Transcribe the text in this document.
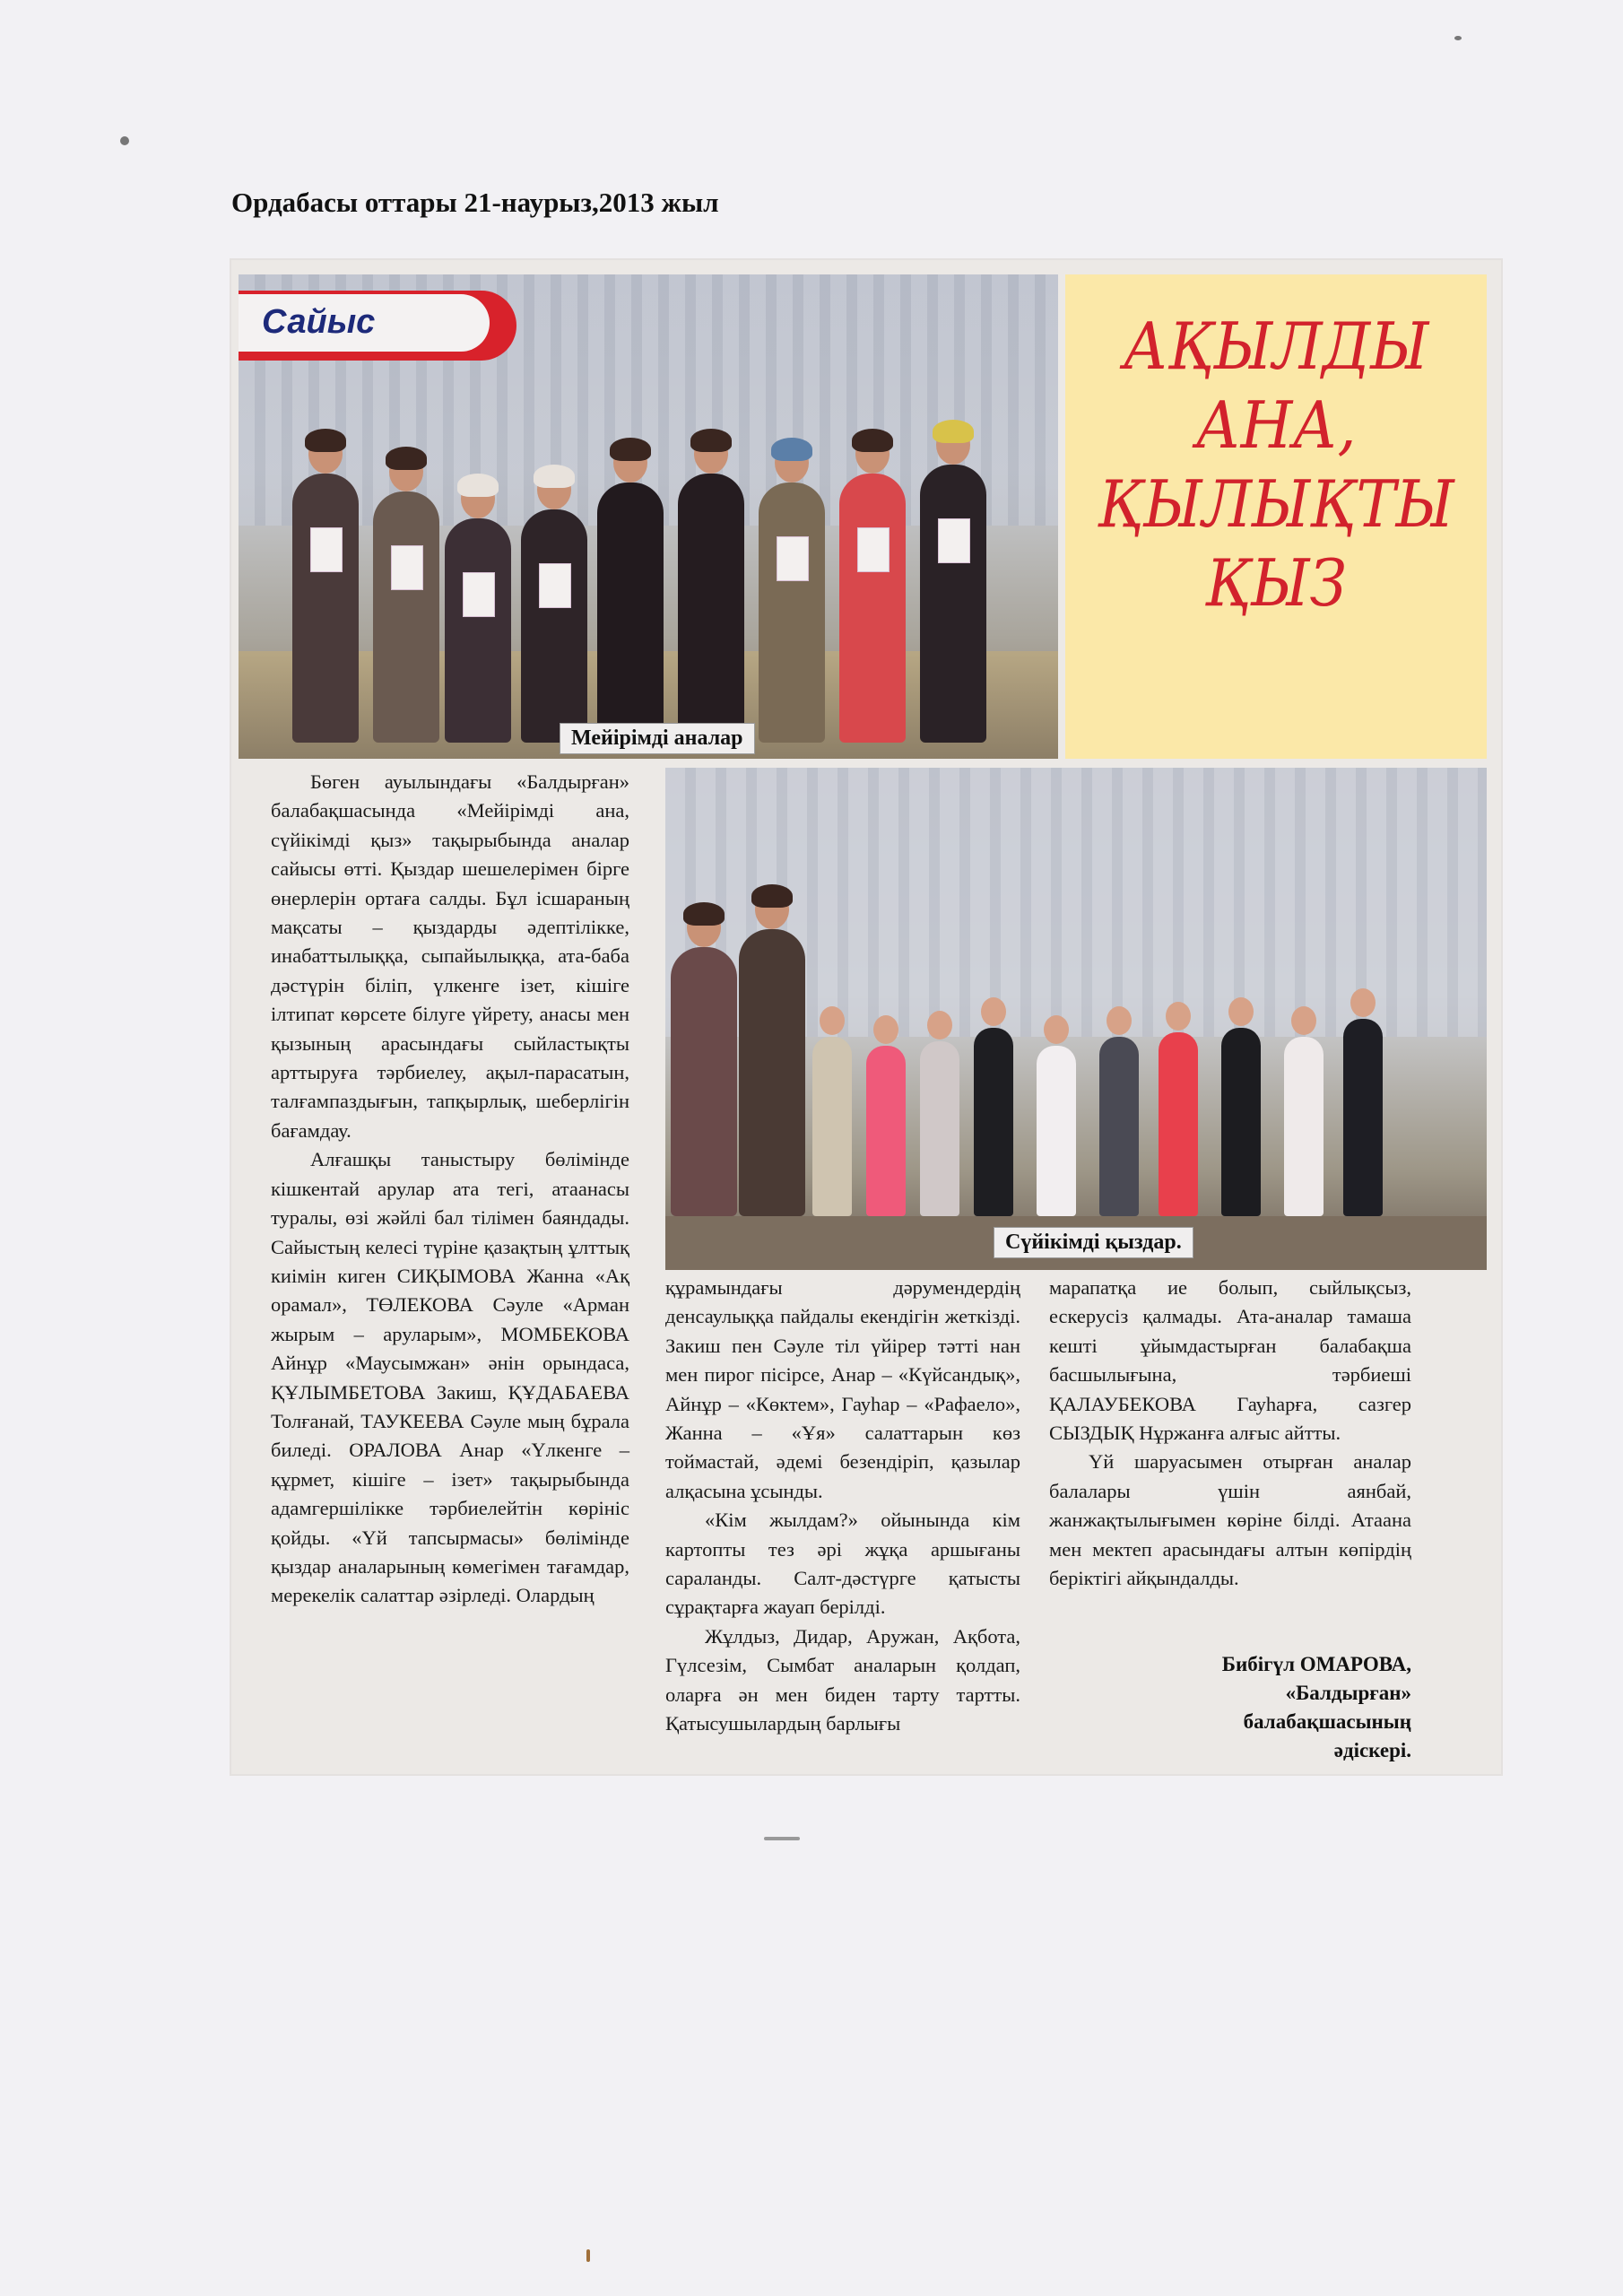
Ордабасы оттары 21-наурыз,2013 жыл
Сайыс
Мейірімді аналар
АҚЫЛДЫ
АНА,
ҚЫЛЫҚТЫ
ҚЫЗ
Сүйікімді қыздар.

Бөген ауылындағы «Балдырған» балабақшасында «Мейірімді ана, сүйікімді қыз» тақырыбында аналар сайысы өтті. Қыздар шешелерімен бірге өнерлерін ортаға салды. Бұл ісшараның мақсаты – қыздарды әдептілікке, инабаттылыққа, сыпайылыққа, ата-баба дәстүрін біліп, үлкенге ізет, кішіге ілтипат көрсете білуге үйрету, анасы мен қызының арасындағы сыйластықты арттыруға тәрбиелеу, ақыл-парасатын, талғампаздығын, тапқырлық, шеберлігін бағамдау.

Алғашқы таныстыру бөлімінде кішкентай арулар ата тегі, атаанасы туралы, өзі жәйлі бал тілімен баяндады. Сайыстың келесі түріне қазақтың ұлттық киімін киген СИҚЫМОВА Жанна «Ақ орамал», ТӨЛЕКОВА Сәуле «Арман жырым – аруларым», МОМБЕКОВА Айнұр «Маусымжан» әнін орындаса, ҚҰЛЫМБЕТОВА Закиш, ҚҰДАБАЕВА Толғанай, ТАУКЕЕВА Сәуле мың бұрала биледі. ОРАЛОВА Анар «Үлкенге – құрмет, кішіге – ізет» тақырыбында адамгершілікке тәрбиелейтін көрініс қойды. «Үй тапсырмасы» бөлімінде қыздар аналарының көмегімен тағамдар, мерекелік салаттар әзірледі. Олардың

құрамындағы дәрумендердің денсаулыққа пайдалы екендігін жеткізді. Закиш пен Сәуле тіл үйірер тәтті нан мен пирог пісірсе, Анар – «Күйсандық», Айнұр – «Көктем», Гауһар – «Рафаело», Жанна – «Ұя» салаттарын көз тоймастай, әдемі безендіріп, қазылар алқасына ұсынды.

«Кім жылдам?» ойынында кім картопты тез әрі жұқа аршығаны сараланды. Салт-дәстүрге қатысты сұрақтарға жауап берілді.

Жұлдыз, Дидар, Аружан, Ақбота, Гүлсезім, Сымбат аналарын қолдап, оларға ән мен биден тарту тартты. Қатысушылардың барлығы

марапатқа ие болып, сыйлықсыз, ескерусіз қалмады. Ата-аналар тамаша кешті ұйымдастырған балабақша басшылығына, тәрбиеші ҚАЛАУБЕКОВА Гауһарға, сазгер СЫЗДЫҚ Нұржанға алғыс айтты.

Үй шаруасымен отырған аналар балалары үшін аянбай, жанжақтылығымен көріне білді. Атаана мен мектеп арасындағы алтын көпірдің беріктігі айқындалды.

Бибігүл ОМАРОВА,
«Балдырған»
балабақшасының
әдіскері.
